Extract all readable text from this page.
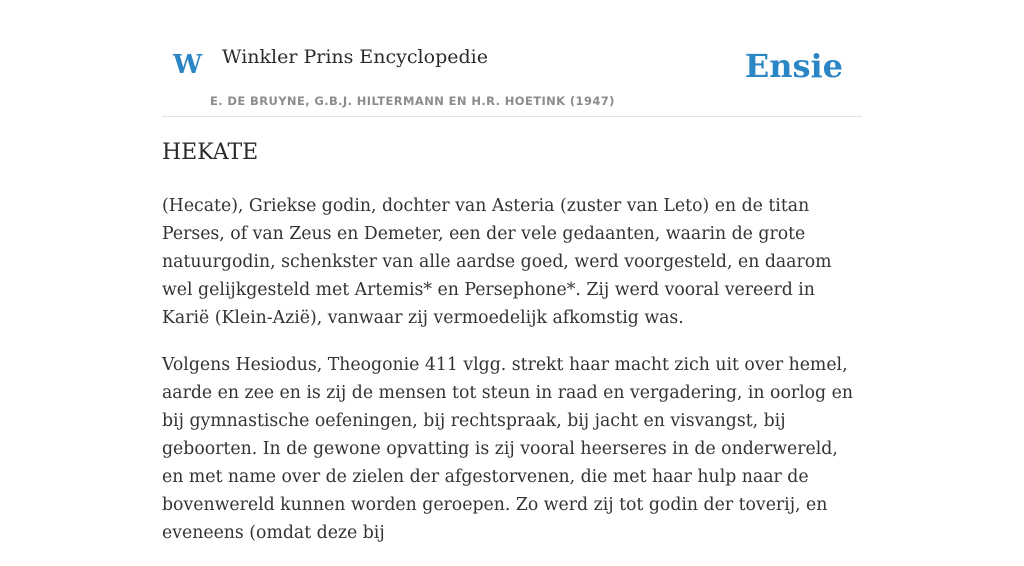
W Winkler Prins Encyclopedie
E. DE BRUYNE, G.B.J. HILTERMANN EN H.R. HOETINK (1947)
Ensie
HEKATE

(Hecate), Griekse godin, dochter van Asteria (zuster van Leto) en de titan Perses, of van Zeus en Demeter, een der vele gedaanten, waarin de grote natuurgodin, schenkster van alle aardse goed, werd voorgesteld, en daarom wel gelijkgesteld met Artemis* en Persephone*. Zij werd vooral vereerd in Karië (Klein-Azië), vanwaar zij vermoedelijk afkomstig was.

Volgens Hesiodus, Theogonie 411 vlgg. strekt haar macht zich uit over hemel, aarde en zee en is zij de mensen tot steun in raad en vergadering, in oorlog en bij gymnastische oefeningen, bij rechtspraak, bij jacht en visvangst, bij geboorten. In de gewone opvatting is zij vooral heerseres in de onderwereld, en met name over de zielen der afgestorvenen, die met haar hulp naar de bovenwereld kunnen worden geroepen. Zo werd zij tot godin der toverij, en eveneens (omdat deze bij
